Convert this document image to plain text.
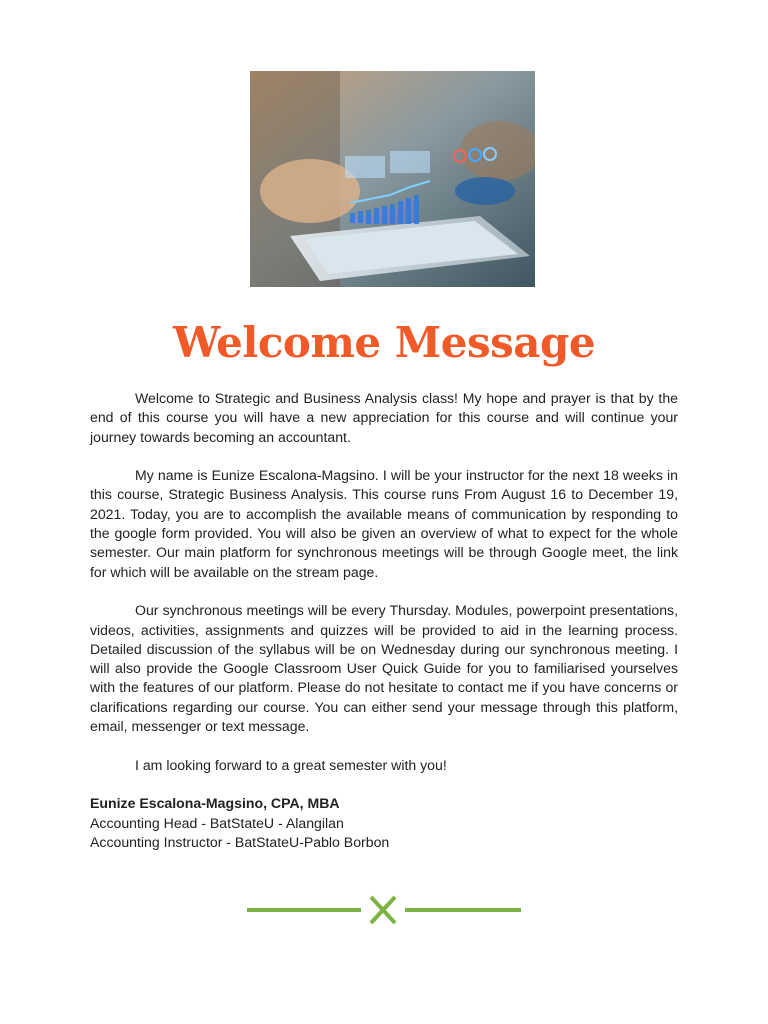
Welcome Message

Welcome to Strategic and Business Analysis class! My hope and prayer is that by the end of this course you will have a new appreciation for this course and will continue your journey towards becoming an accountant.

My name is Eunize Escalona-Magsino. I will be your instructor for the next 18 weeks in this course, Strategic Business Analysis. This course runs From August 16 to December 19, 2021. Today, you are to accomplish the available means of communication by responding to the google form provided. You will also be given an overview of what to expect for the whole semester. Our main platform for synchronous meetings will be through Google meet, the link for which will be available on the stream page.

Our synchronous meetings will be every Thursday. Modules, powerpoint presentations, videos, activities, assignments and quizzes will be provided to aid in the learning process. Detailed discussion of the syllabus will be on Wednesday during our synchronous meeting. I will also provide the Google Classroom User Quick Guide for you to familiarised yourselves with the features of our platform. Please do not hesitate to contact me if you have concerns or clarifications regarding our course. You can either send your message through this platform, email, messenger or text message.

I am looking forward to a great semester with you!

Eunize Escalona-Magsino, CPA, MBA
Accounting Head - BatStateU - Alangilan
Accounting Instructor - BatStateU-Pablo Borbon
